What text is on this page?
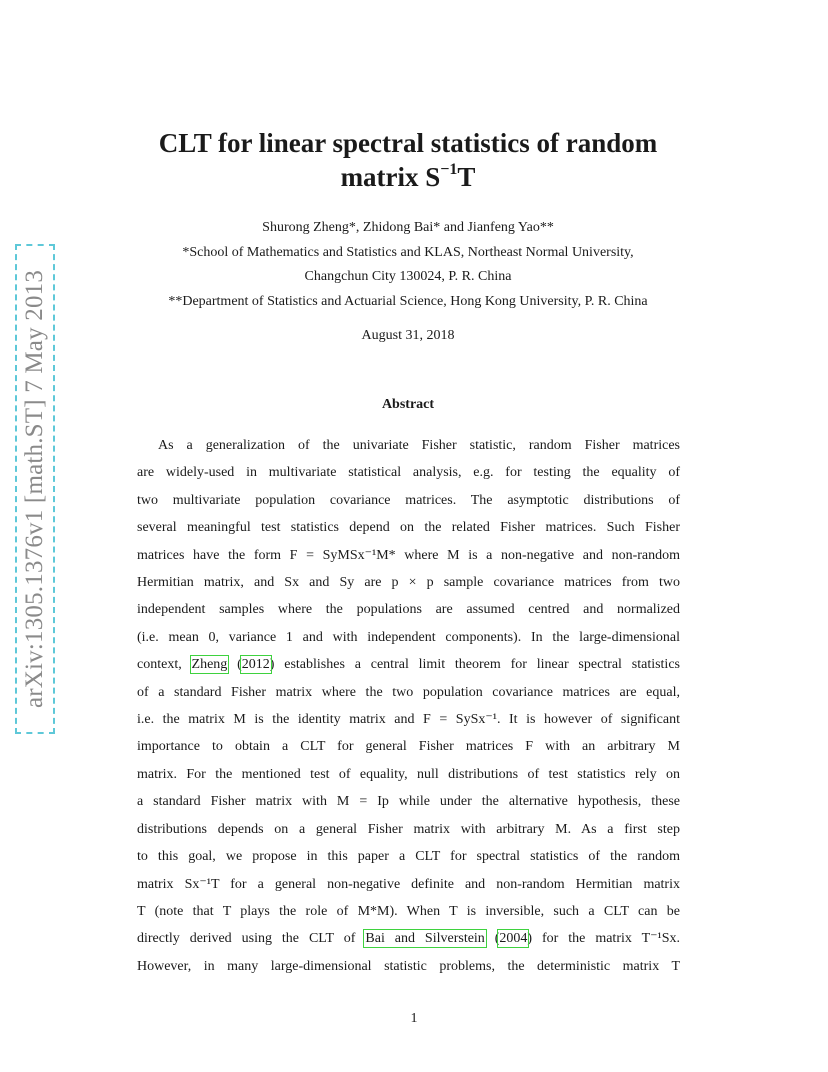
arXiv:1305.1376v1 [math.ST] 7 May 2013
CLT for linear spectral statistics of random
matrix $S^{-1}T$
Shurong Zheng*, Zhidong Bai* and Jianfeng Yao**
*School of Mathematics and Statistics and KLAS, Northeast Normal University,
Changchun City 130024, P. R. China
**Department of Statistics and Actuarial Science, Hong Kong University, P. R. China
August 31, 2018
Abstract
As a generalization of the univariate Fisher statistic, random Fisher matrices
are widely-used in multivariate statistical analysis, e.g. for testing the equality of
two multivariate population covariance matrices. The asymptotic distributions of
several meaningful test statistics depend on the related Fisher matrices. Such Fisher
matrices have the form F = SyMSx⁻¹M* where M is a non-negative and non-random
Hermitian matrix, and Sx and Sy are p × p sample covariance matrices from two
independent samples where the populations are assumed centred and normalized
(i.e. mean 0, variance 1 and with independent components). In the large-dimensional
context, Zheng (2012) establishes a central limit theorem for linear spectral statistics
of a standard Fisher matrix where the two population covariance matrices are equal,
i.e. the matrix M is the identity matrix and F = SySx⁻¹. It is however of significant
importance to obtain a CLT for general Fisher matrices F with an arbitrary M
matrix. For the mentioned test of equality, null distributions of test statistics rely on
a standard Fisher matrix with M = Ip while under the alternative hypothesis, these
distributions depends on a general Fisher matrix with arbitrary M. As a first step
to this goal, we propose in this paper a CLT for spectral statistics of the random
matrix Sx⁻¹T for a general non-negative definite and non-random Hermitian matrix
T (note that T plays the role of M*M). When T is inversible, such a CLT can be
directly derived using the CLT of Bai and Silverstein (2004) for the matrix T⁻¹Sx.
However, in many large-dimensional statistic problems, the deterministic matrix T
1
